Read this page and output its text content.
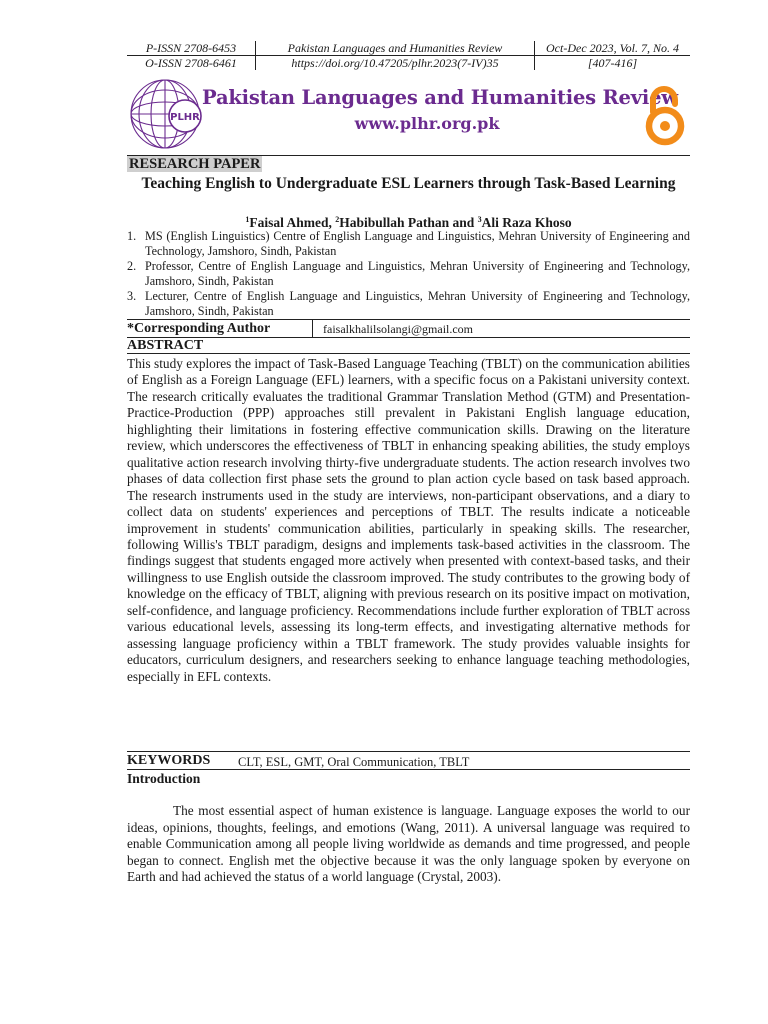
P-ISSN 2708-6453	Pakistan Languages and Humanities Review	Oct-Dec 2023, Vol. 7, No. 4
O-ISSN 2708-6461	https://doi.org/10.47205/plhr.2023(7-IV)35	[407-416]
PLHR
Pakistan Languages and Humanities Review
www.plhr.org.pk
RESEARCH PAPER
Teaching English to Undergraduate ESL Learners through Task-Based Learning
$^1$Faisal Ahmed, $^2$Habibullah Pathan and $^3$Ali Raza Khoso
1. MS (English Linguistics) Centre of English Language and Linguistics, Mehran University of Engineering and Technology, Jamshoro, Sindh, Pakistan
2. Professor, Centre of English Language and Linguistics, Mehran University of Engineering and Technology, Jamshoro, Sindh, Pakistan
3. Lecturer, Centre of English Language and Linguistics, Mehran University of Engineering and Technology, Jamshoro, Sindh, Pakistan
*Corresponding Author	faisalkhalilsolangi@gmail.com
ABSTRACT

This study explores the impact of Task-Based Language Teaching (TBLT) on the communication abilities of English as a Foreign Language (EFL) learners, with a specific focus on a Pakistani university context. The research critically evaluates the traditional Grammar Translation Method (GTM) and Presentation-Practice-Production (PPP) approaches still prevalent in Pakistani English language education, highlighting their limitations in fostering effective communication skills. Drawing on the literature review, which underscores the effectiveness of TBLT in enhancing speaking abilities, the study employs qualitative action research involving thirty-five undergraduate students. The action research involves two phases of data collection first phase sets the ground to plan action cycle based on task based approach. The research instruments used in the study are interviews, non-participant observations, and a diary to collect data on students' experiences and perceptions of TBLT. The results indicate a noticeable improvement in students' communication abilities, particularly in speaking skills. The researcher, following Willis's TBLT paradigm, designs and implements task-based activities in the classroom. The findings suggest that students engaged more actively when presented with context-based tasks, and their willingness to use English outside the classroom improved. The study contributes to the growing body of knowledge on the efficacy of TBLT, aligning with previous research on its positive impact on motivation, self-confidence, and language proficiency. Recommendations include further exploration of TBLT across various educational levels, assessing its long-term effects, and investigating alternative methods for assessing language proficiency within a TBLT framework. The study provides valuable insights for educators, curriculum designers, and researchers seeking to enhance language teaching methodologies, especially in EFL contexts.

KEYWORDS CLT, ESL, GMT, Oral Communication, TBLT
Introduction

The most essential aspect of human existence is language. Language exposes the world to our ideas, opinions, thoughts, feelings, and emotions (Wang, 2011). A universal language was required to enable Communication among all people living worldwide as demands and time progressed, and people began to connect. English met the objective because it was the only language spoken by everyone on Earth and had achieved the status of a world language (Crystal, 2003).
